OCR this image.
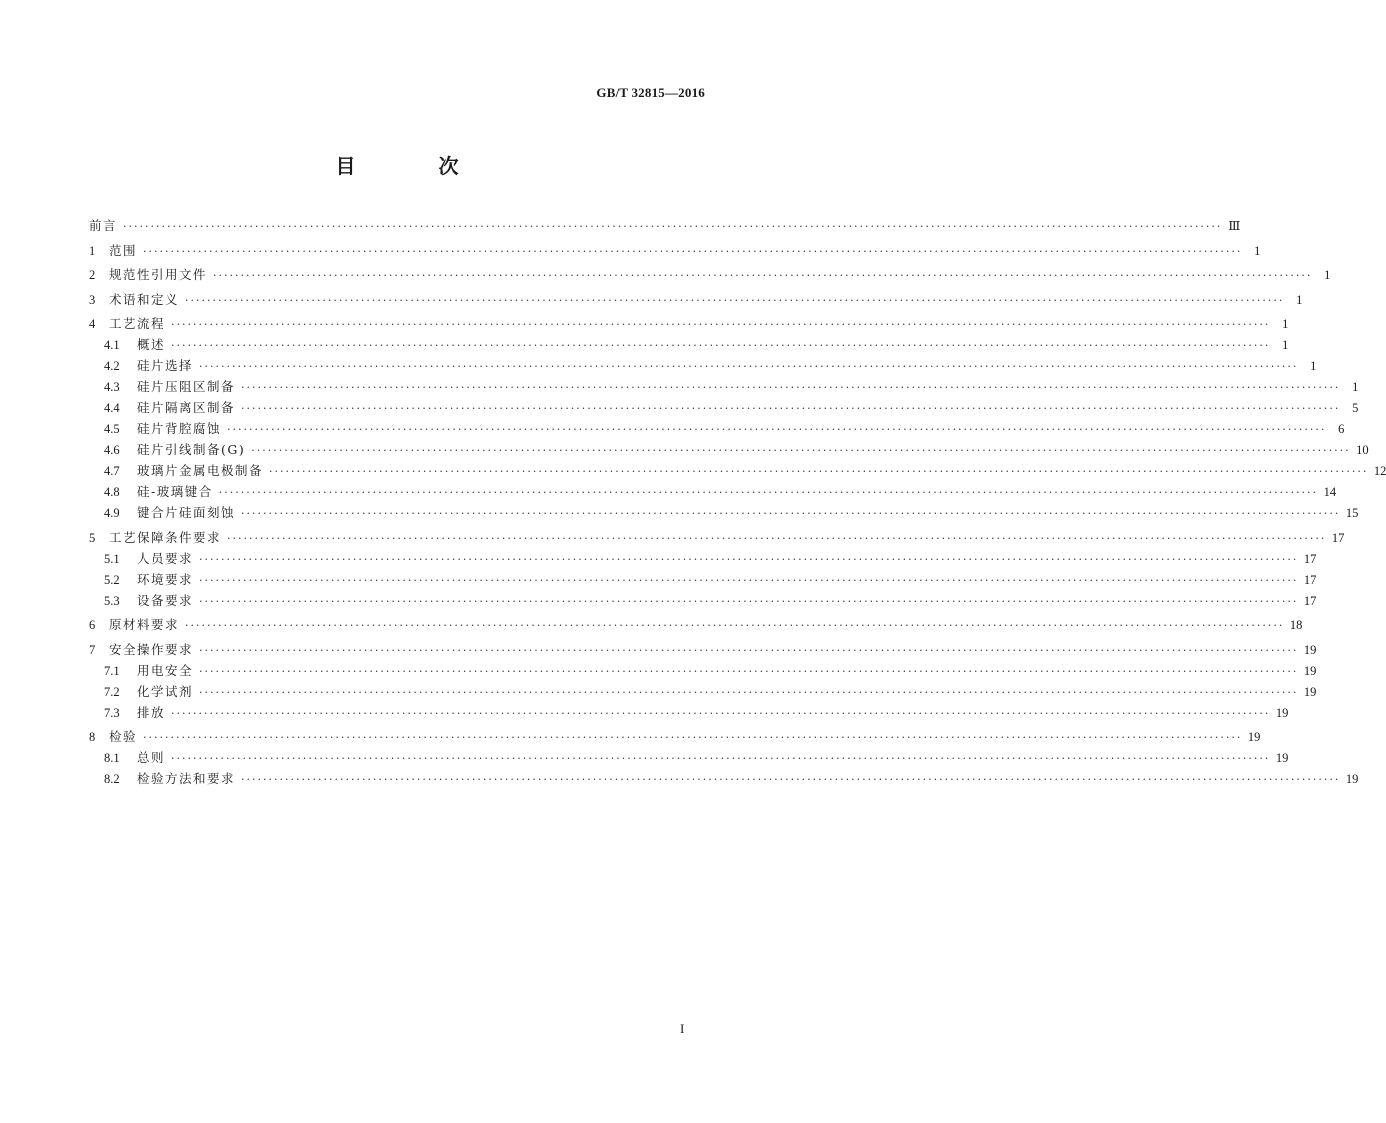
GB/T 32815—2016
目 次
前言 ········································································································································································································ Ⅲ
1	范围 ········································································································································································································ 1
2	规范性引用文件 ········································································································································································································ 1
3	术语和定义 ········································································································································································································ 1
4	工艺流程 ········································································································································································································ 1
4.1	概述 ········································································································································································································ 1
4.2	硅片选择 ········································································································································································································ 1
4.3	硅片压阻区制备 ········································································································································································································ 1
4.4	硅片隔离区制备 ········································································································································································································ 5
4.5	硅片背腔腐蚀 ········································································································································································································ 6
4.6	硅片引线制备(G) ········································································································································································································ 10
4.7	玻璃片金属电极制备 ········································································································································································································ 12
4.8	硅-玻璃键合 ········································································································································································································ 14
4.9	键合片硅面刻蚀 ········································································································································································································ 15
5	工艺保障条件要求 ········································································································································································································ 17
5.1	人员要求 ········································································································································································································ 17
5.2	环境要求 ········································································································································································································ 17
5.3	设备要求 ········································································································································································································ 17
6	原材料要求 ········································································································································································································ 18
7	安全操作要求 ········································································································································································································ 19
7.1	用电安全 ········································································································································································································ 19
7.2	化学试剂 ········································································································································································································ 19
7.3	排放 ········································································································································································································ 19
8	检验 ········································································································································································································ 19
8.1	总则 ········································································································································································································ 19
8.2	检验方法和要求 ········································································································································································································ 19
I
